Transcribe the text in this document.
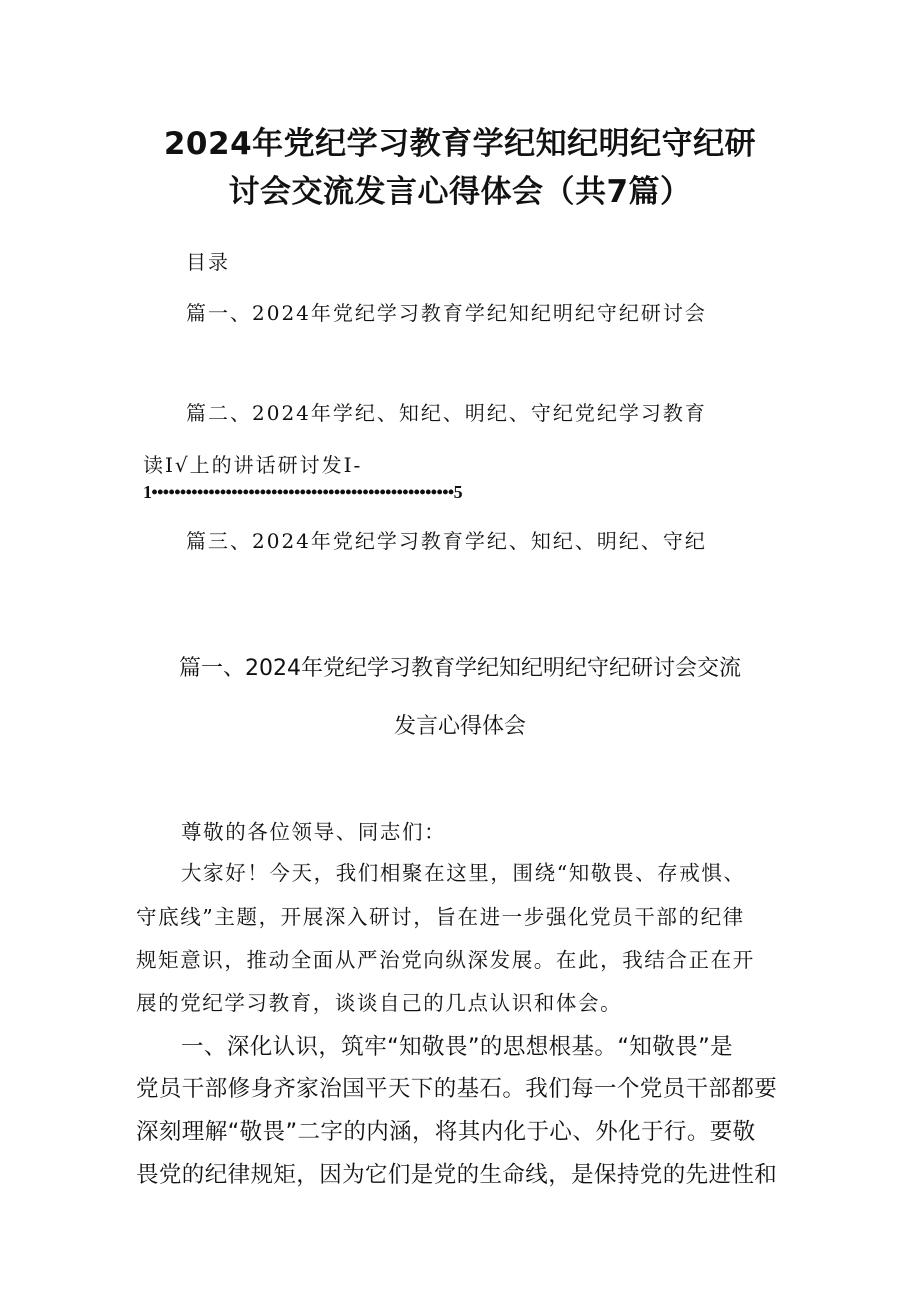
2024年党纪学习教育学纪知纪明纪守纪研
讨会交流发言心得体会（共7篇）
目录
篇一、2024年党纪学习教育学纪知纪明纪守纪研讨会
篇二、2024年学纪、知纪、明纪、守纪党纪学习教育
读I√上的讲话研讨发I-
1•••••••••••••••••••••••••••••••••••••••••••••••••••••5
篇三、2024年党纪学习教育学纪、知纪、明纪、守纪
篇一、2024年党纪学习教育学纪知纪明纪守纪研讨会交流
发言心得体会
尊敬的各位领导、同志们：
大家好！今天，我们相聚在这里，围绕“知敬畏、存戒惧、
守底线”主题，开展深入研讨，旨在进一步强化党员干部的纪律
规矩意识，推动全面从严治党向纵深发展。在此，我结合正在开
展的党纪学习教育，谈谈自己的几点认识和体会。
一、深化认识，筑牢“知敬畏”的思想根基。“知敬畏”是
党员干部修身齐家治国平天下的基石。我们每一个党员干部都要
深刻理解“敬畏”二字的内涵，将其内化于心、外化于行。要敬
畏党的纪律规矩，因为它们是党的生命线，是保持党的先进性和
